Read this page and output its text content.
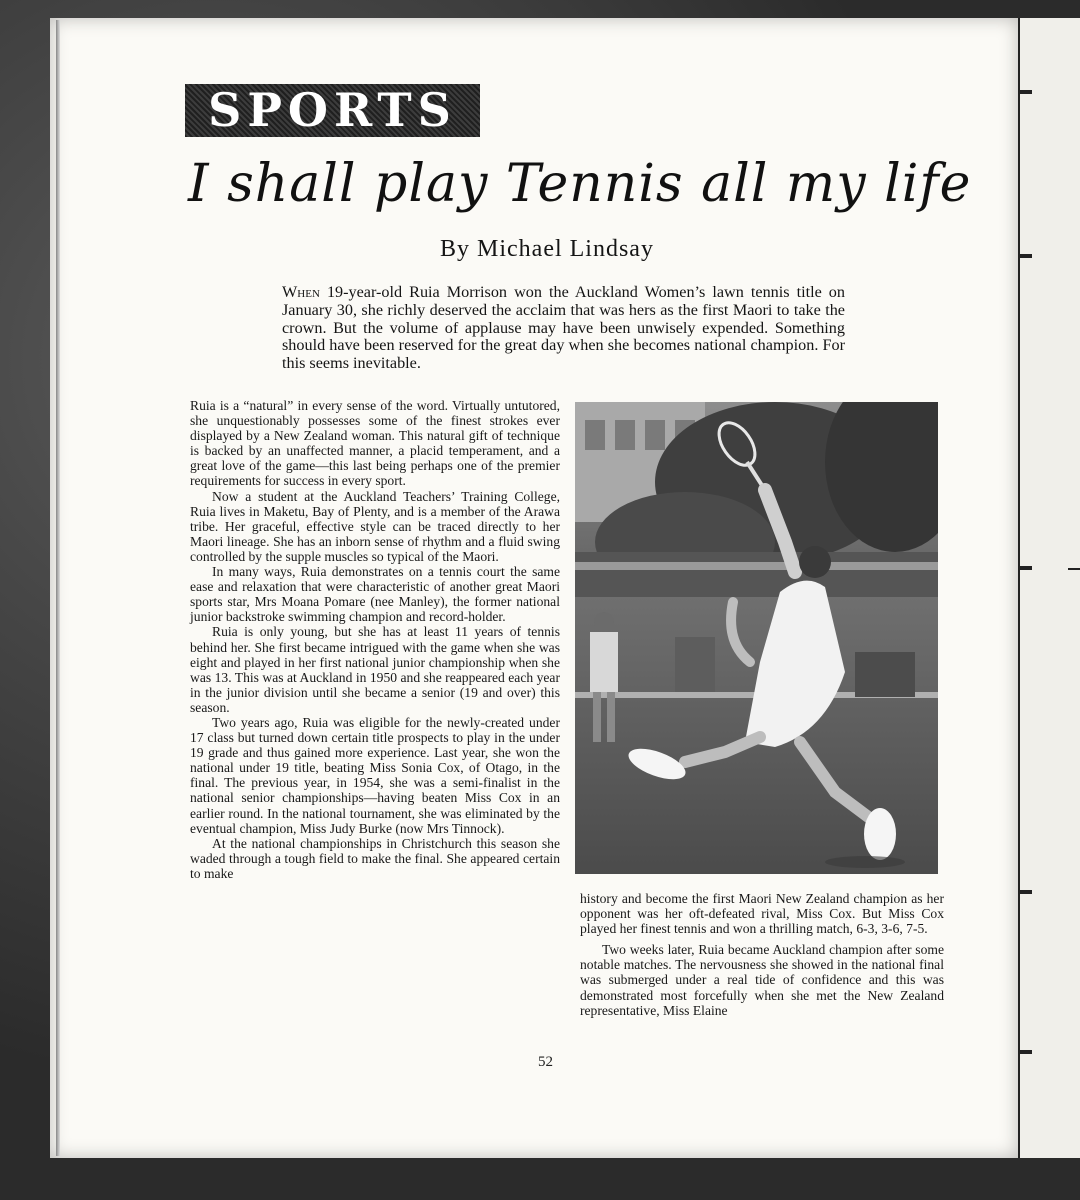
SPORTS
I shall play Tennis all my life
By Michael Lindsay
When 19-year-old Ruia Morrison won the Auckland Women’s lawn tennis title on January 30, she richly deserved the acclaim that was hers as the first Maori to take the crown. But the volume of applause may have been unwisely expended. Something should have been reserved for the great day when she becomes national champion. For this seems inevitable.

Ruia is a “natural” in every sense of the word. Virtually untutored, she unquestionably possesses some of the finest strokes ever displayed by a New Zealand woman. This natural gift of technique is backed by an unaffected manner, a placid temperament, and a great love of the game—this last being perhaps one of the premier requirements for success in every sport.

Now a student at the Auckland Teachers’ Training College, Ruia lives in Maketu, Bay of Plenty, and is a member of the Arawa tribe. Her graceful, effective style can be traced directly to her Maori lineage. She has an inborn sense of rhythm and a fluid swing controlled by the supple muscles so typical of the Maori.

In many ways, Ruia demonstrates on a tennis court the same ease and relaxation that were characteristic of another great Maori sports star, Mrs Moana Pomare (nee Manley), the former national junior backstroke swimming champion and record-holder.

Ruia is only young, but she has at least 11 years of tennis behind her. She first became intrigued with the game when she was eight and played in her first national junior championship when she was 13. This was at Auckland in 1950 and she reappeared each year in the junior division until she became a senior (19 and over) this season.

Two years ago, Ruia was eligible for the newly-created under 17 class but turned down certain title prospects to play in the under 19 grade and thus gained more experience. Last year, she won the national under 19 title, beating Miss Sonia Cox, of Otago, in the final. The previous year, in 1954, she was a semi-finalist in the national senior championships—having beaten Miss Cox in an earlier round. In the national tournament, she was eliminated by the eventual champion, Miss Judy Burke (now Mrs Tinnock).

At the national championships in Christchurch this season she waded through a tough field to make the final. She appeared certain to make

history and become the first Maori New Zealand champion as her opponent was her oft-defeated rival, Miss Cox. But Miss Cox played her finest tennis and won a thrilling match, 6-3, 3-6, 7-5.

Two weeks later, Ruia became Auckland champion after some notable matches. The nervousness she showed in the national final was submerged under a real tide of confidence and this was demonstrated most forcefully when she met the New Zealand representative, Miss Elaine

52
